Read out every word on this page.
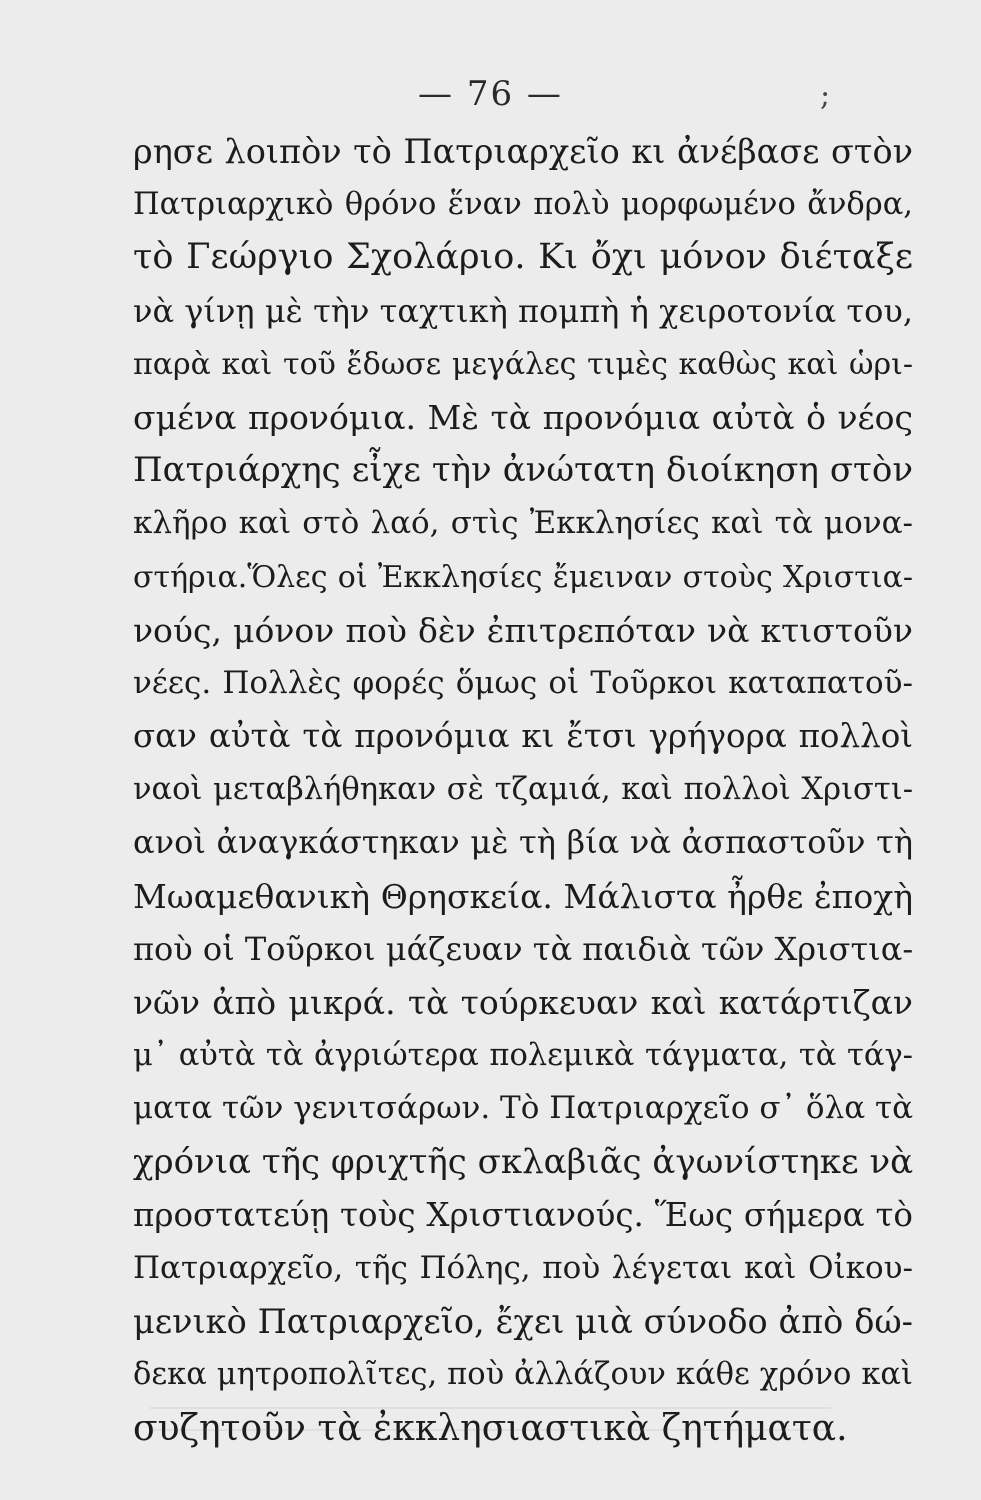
— 76 —	;
ρησε λοιπὸν τὸ Πατριαρχεῖο κι ἀνέβασε στὸν
Πατριαρχικὸ θρόνο ἕναν πολὺ μορφωμένο ἄνδρα,
τὸ Γεώργιο Σχολάριο. Κι ὄχι μόνον διέταξε
νὰ γίνῃ μὲ τὴν ταχτικὴ πομπὴ ἡ χειροτονία του,
παρὰ καὶ τοῦ ἔδωσε μεγάλες τιμὲς καθὼς καὶ ὡρι-
σμένα προνόμια. Μὲ τὰ προνόμια αὐτὰ ὁ νέος
Πατριάρχης εἶχε τὴν ἀνώτατη διοίκηση στὸν
κλῆρο καὶ στὸ λαό, στὶς Ἐκκλησίες καὶ τὰ μονα-
στήρια.Ὅλες οἱ Ἐκκλησίες ἔμειναν στοὺς Χριστια-
νούς, μόνον ποὺ δὲν ἐπιτρεπόταν νὰ κτιστοῦν
νέες. Πολλὲς φορές ὅμως οἱ Τοῦρκοι καταπατοῦ-
σαν αὐτὰ τὰ προνόμια κι ἔτσι γρήγορα πολλοὶ
ναοὶ μεταβλήθηκαν σὲ τζαμιά, καὶ πολλοὶ Χριστι-
ανοὶ ἀναγκάστηκαν μὲ τὴ βία νὰ ἀσπαστοῦν τὴ
Μωαμεθανικὴ Θρησκεία. Μάλιστα ἦρθε ἐποχὴ
ποὺ οἱ Τοῦρκοι μάζευαν τὰ παιδιὰ τῶν Χριστια-
νῶν ἀπὸ μικρά. τὰ τούρκευαν καὶ κατάρτιζαν
μ᾽ αὐτὰ τὰ ἀγριώτερα πολεμικὰ τάγματα, τὰ τάγ-
ματα τῶν γενιτσάρων. Τὸ Πατριαρχεῖο σ᾽ ὅλα τὰ
χρόνια τῆς φριχτῆς σκλαβιᾶς ἀγωνίστηκε νὰ
προστατεύῃ τοὺς Χριστιανούς. Ἕως σήμερα τὸ
Πατριαρχεῖο, τῆς Πόλης, ποὺ λέγεται καὶ Οἰκου-
μενικὸ Πατριαρχεῖο, ἔχει μιὰ σύνοδο ἀπὸ δώ-
δεκα μητροπολῖτες, ποὺ ἀλλάζουν κάθε χρόνο καὶ
συζητοῦν τὰ ἐκκλησιαστικὰ ζητήματα.
